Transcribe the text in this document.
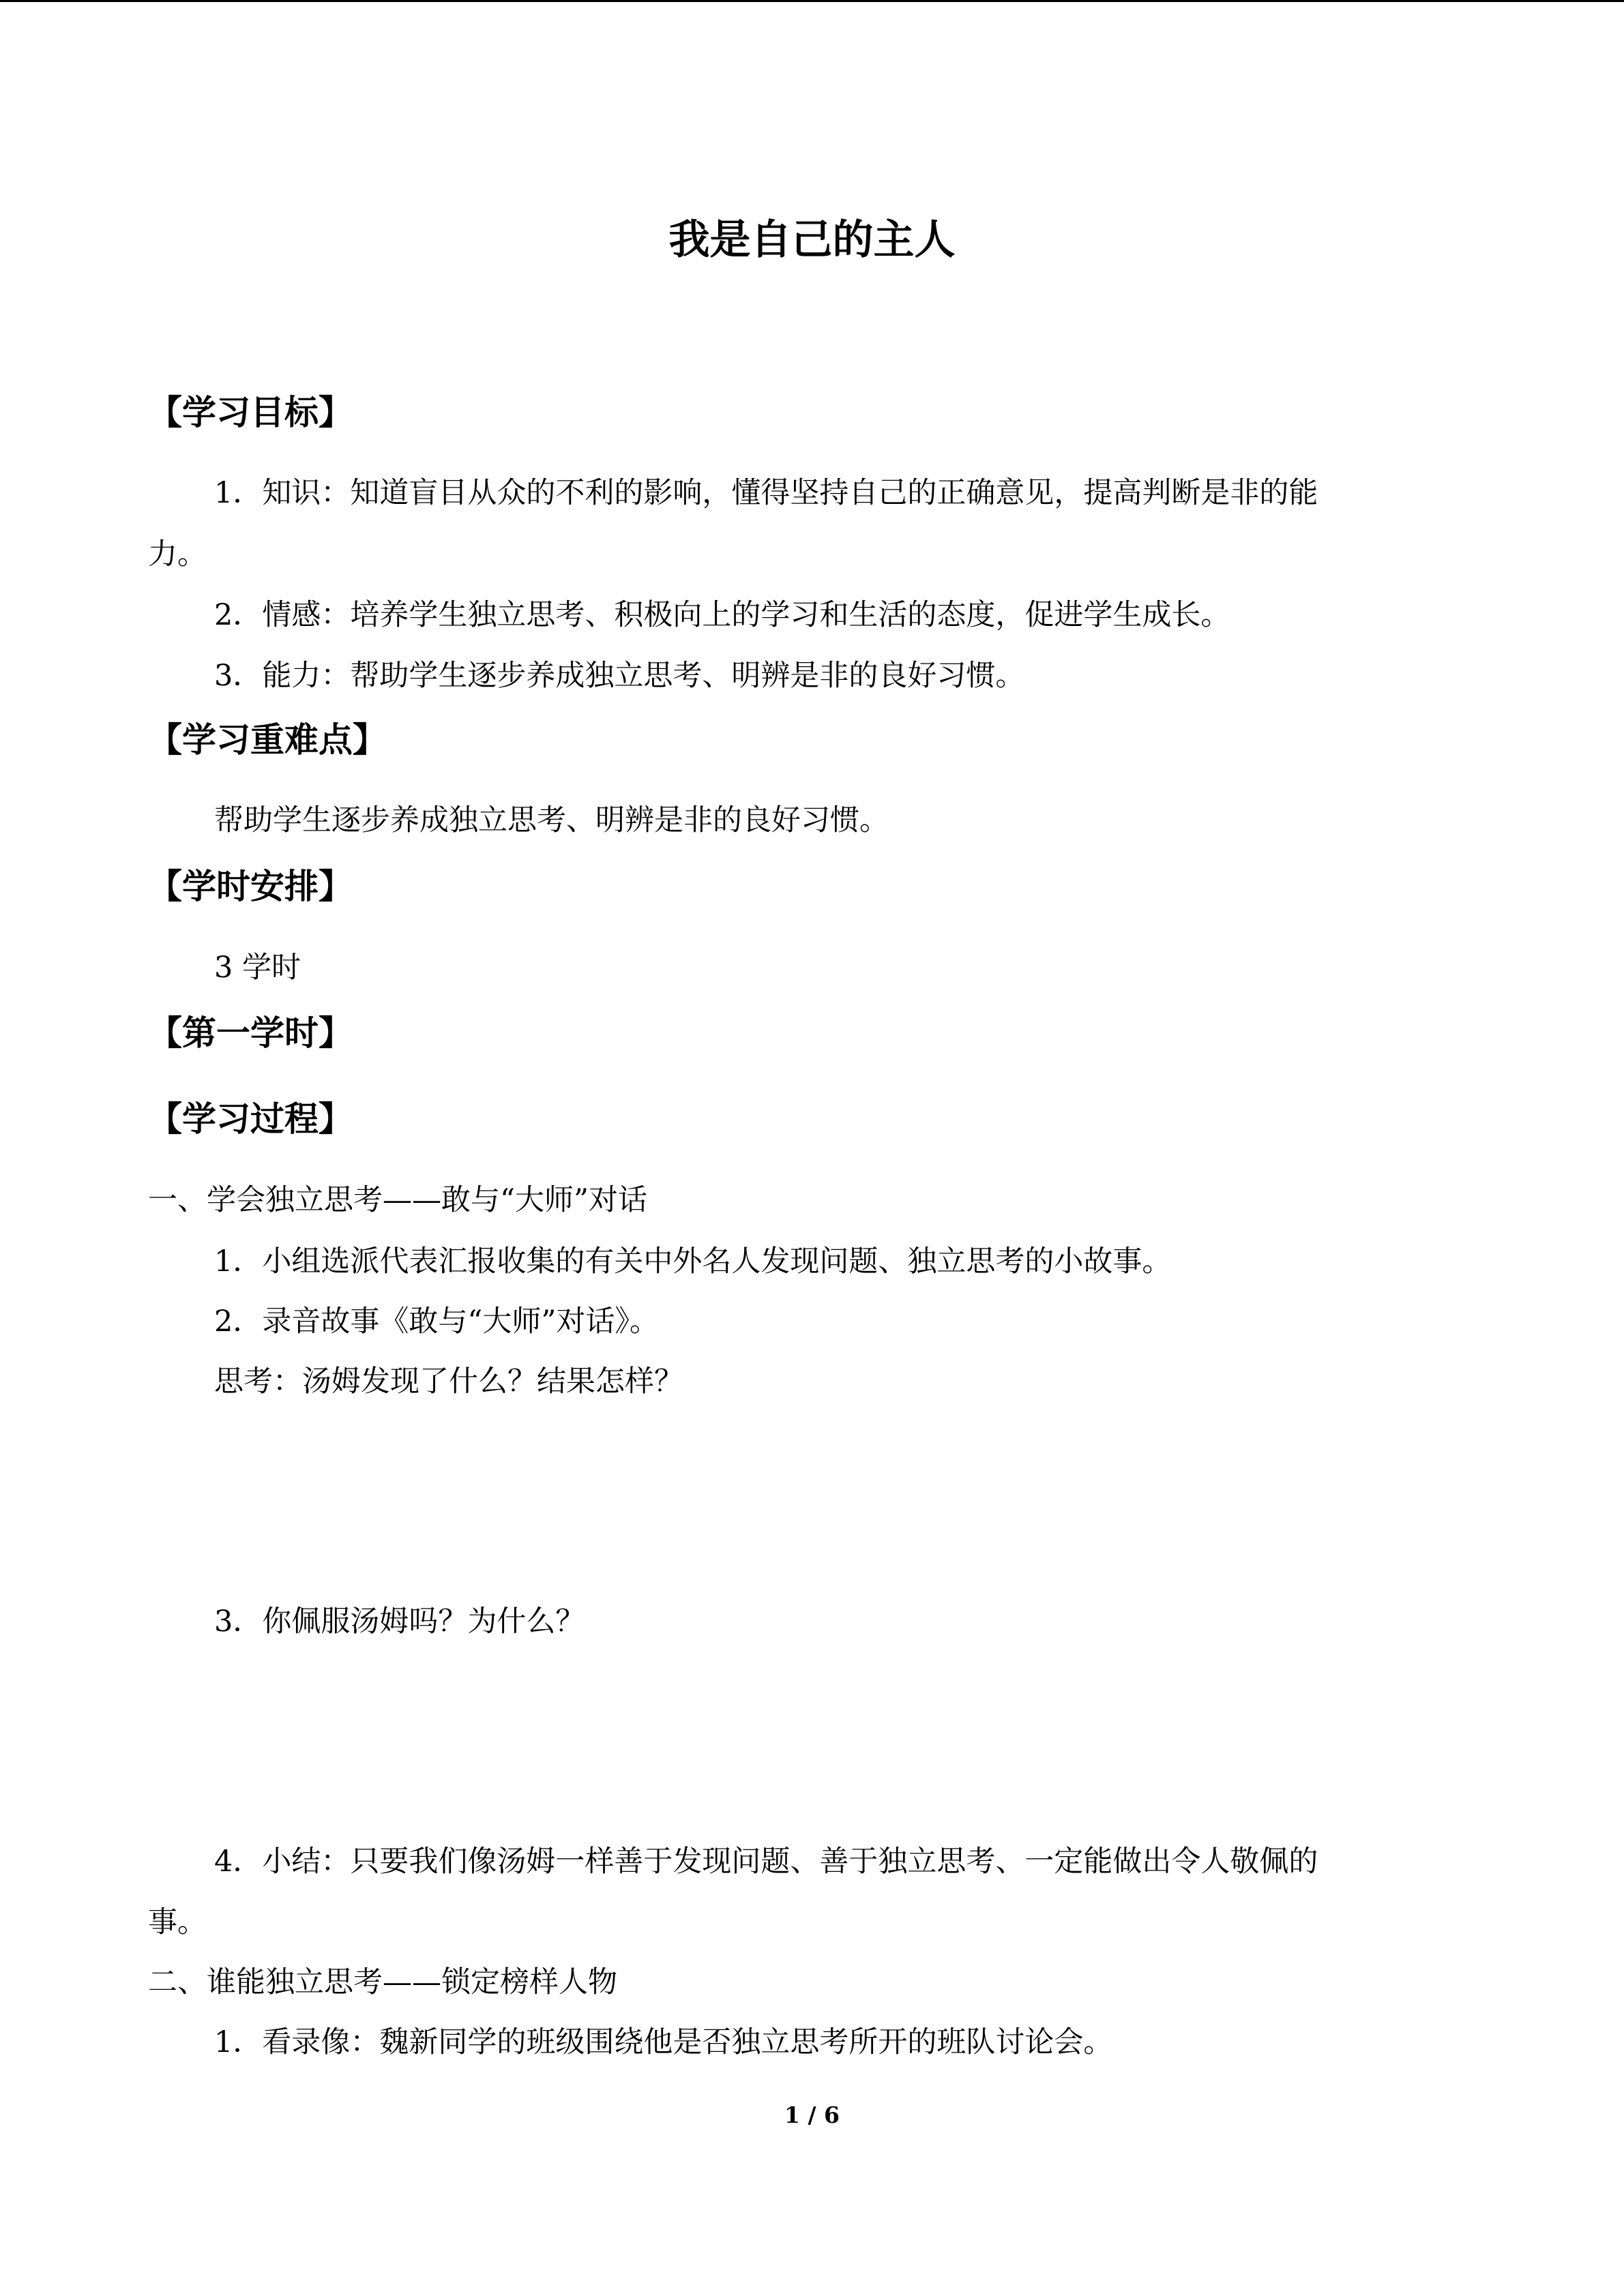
我是自己的主人
【学习目标】
1．知识：知道盲目从众的不利的影响，懂得坚持自己的正确意见，提高判断是非的能
力。
2．情感：培养学生独立思考、积极向上的学习和生活的态度，促进学生成长。
3．能力：帮助学生逐步养成独立思考、明辨是非的良好习惯。
【学习重难点】
帮助学生逐步养成独立思考、明辨是非的良好习惯。
【学时安排】
3 学时
【第一学时】
【学习过程】
一、学会独立思考——敢与“大师”对话
1．小组选派代表汇报收集的有关中外名人发现问题、独立思考的小故事。
2．录音故事《敢与“大师”对话》。
思考：汤姆发现了什么？结果怎样？
3．你佩服汤姆吗？为什么？
4．小结：只要我们像汤姆一样善于发现问题、善于独立思考、一定能做出令人敬佩的
事。
二、谁能独立思考——锁定榜样人物
1．看录像：魏新同学的班级围绕他是否独立思考所开的班队讨论会。
1 / 6
